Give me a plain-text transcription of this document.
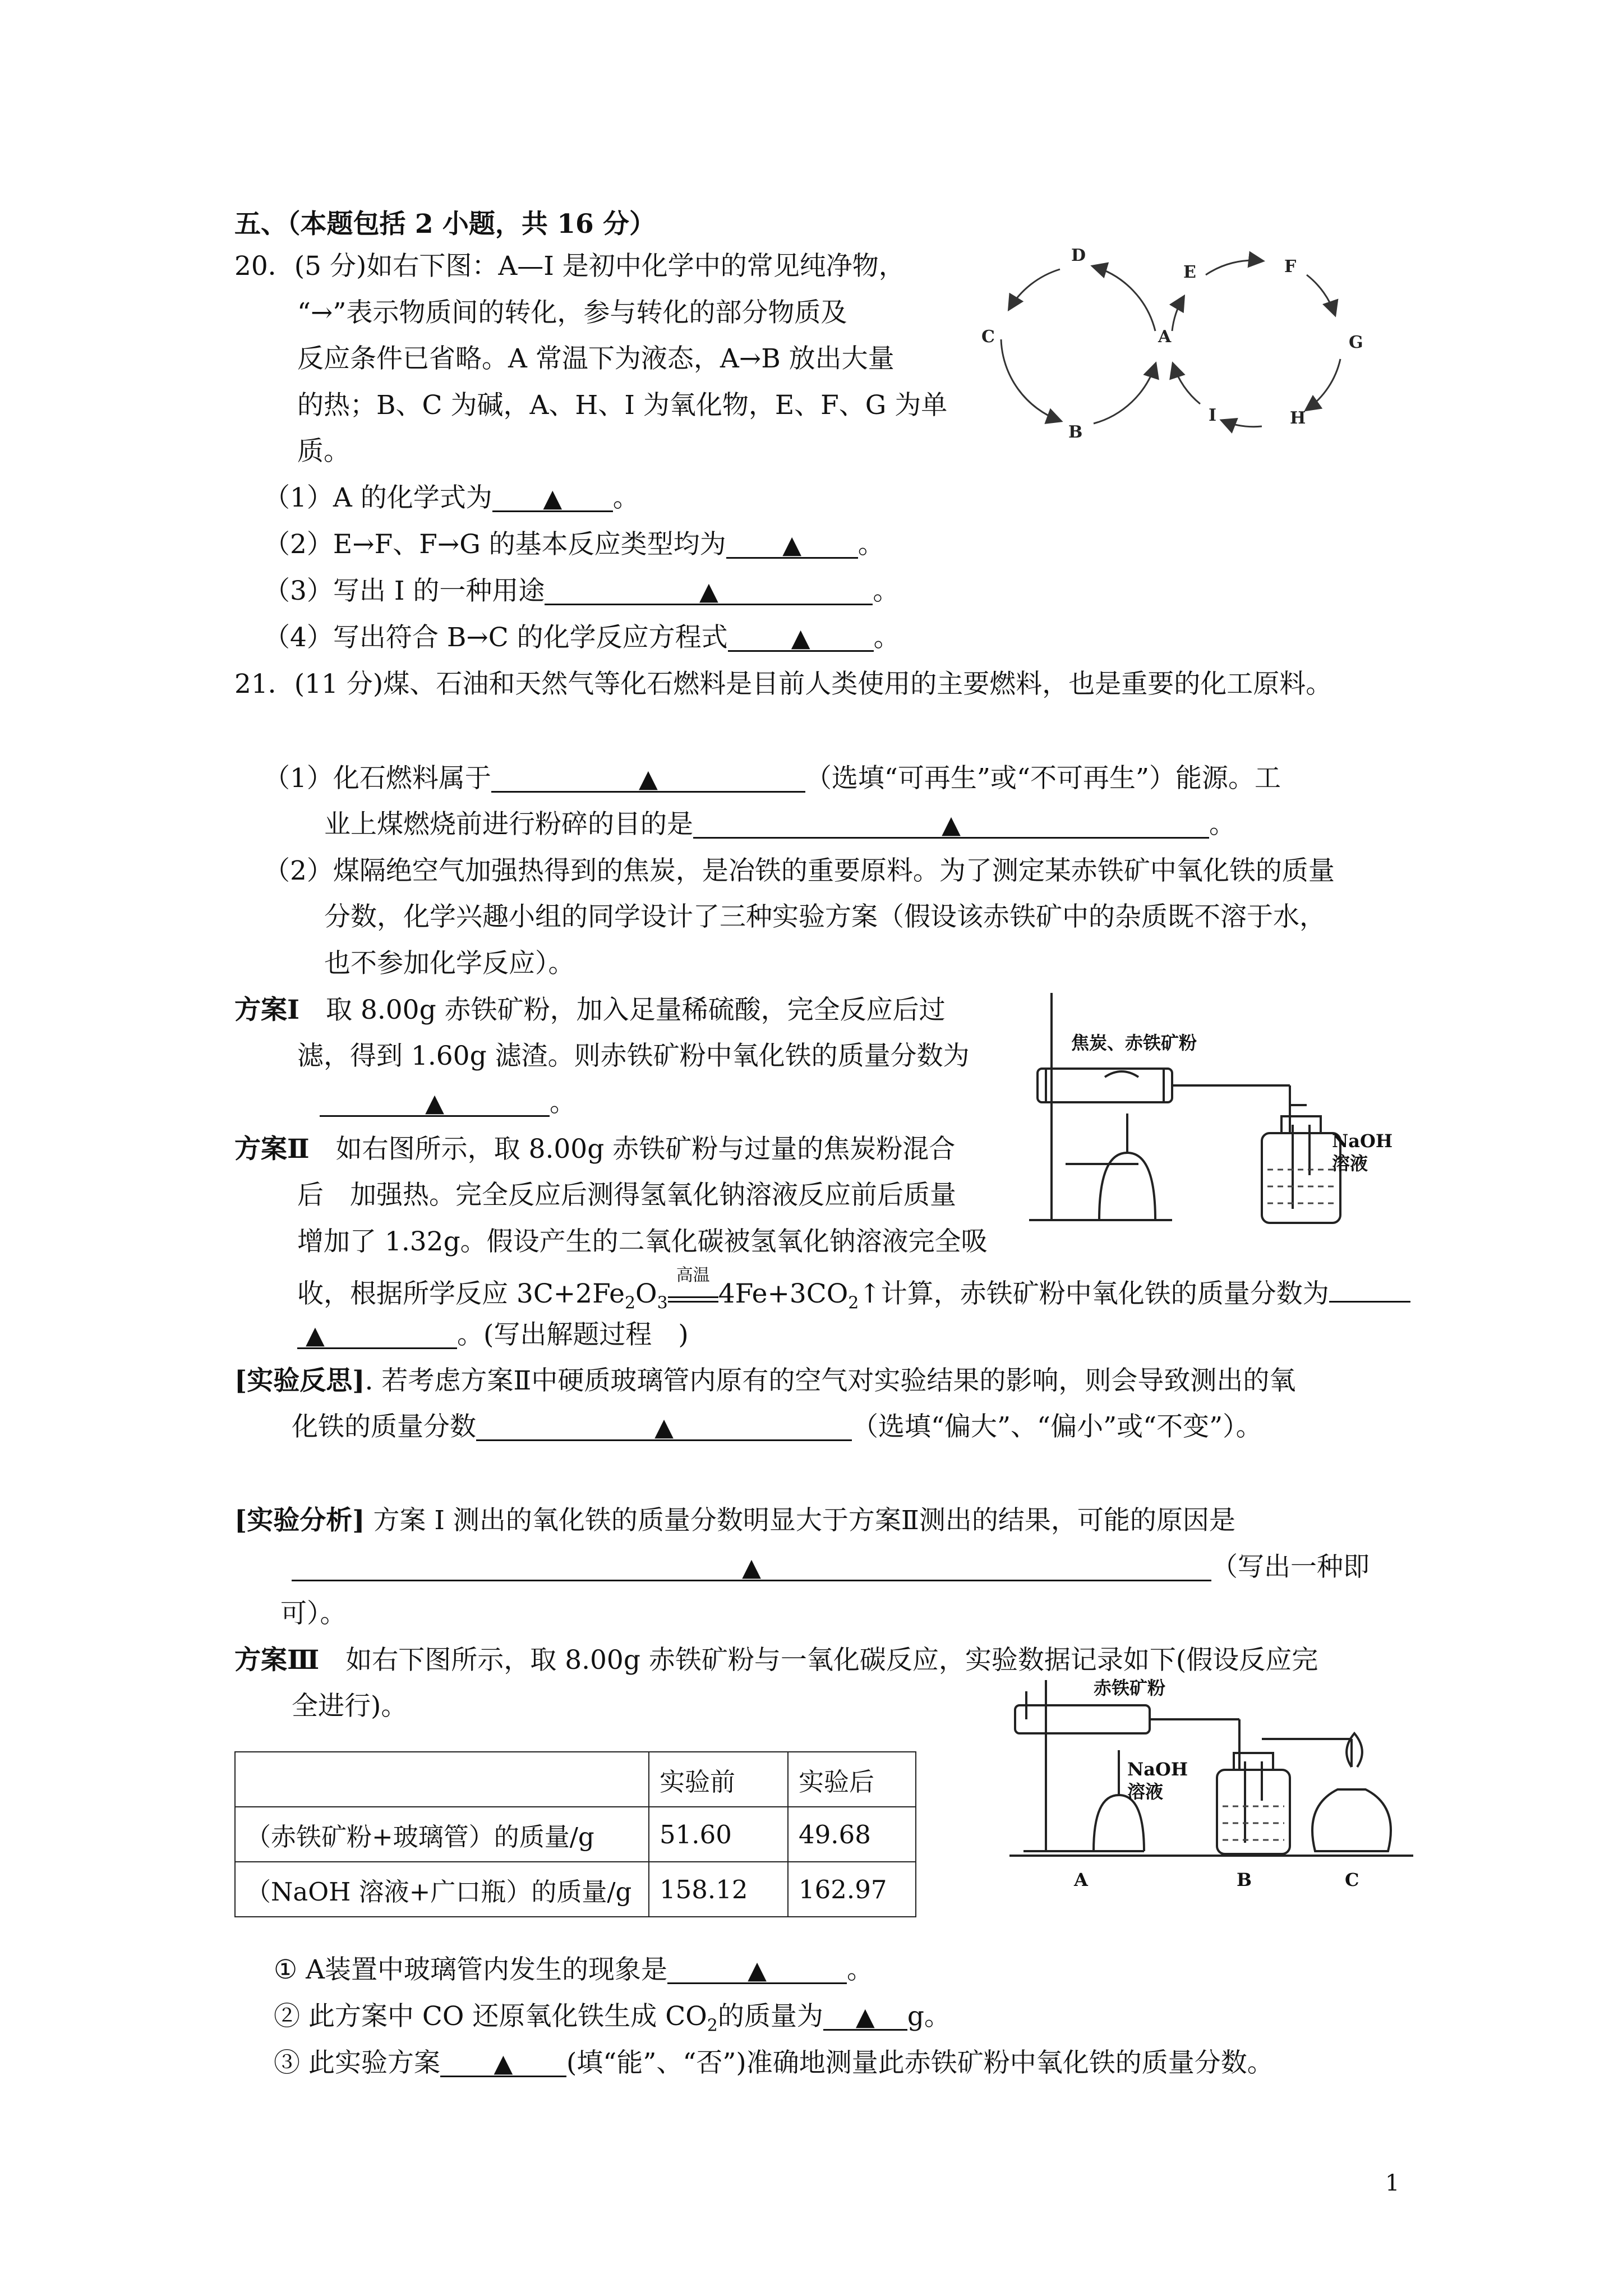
五、（本题包括 2 小题，共 16 分）
20．(5 分)如右下图：A—I 是初中化学中的常见纯净物，
“→”表示物质间的转化，参与转化的部分物质及
反应条件已省略。A 常温下为液态，A→B 放出大量
的热；B、C 为碱，A、H、I 为氧化物，E、F、G 为单
质。
D
E	F
C	A	G
B
I	H
（1）A 的化学式为 ▲ 。
（2）E→F、F→G 的基本反应类型均为 ▲ 。
（3）写出 I 的一种用途	▲	。
（4）写出符合 B→C 的化学反应方程式	▲ 。
21．(11 分)煤、石油和天然气等化石燃料是目前人类使用的主要燃料，也是重要的化工原料。
（1）化石燃料属于	▲	（选填“可再生”或“不可再生”）能源。工
业上煤燃烧前进行粉碎的目的是	▲	。
（2）煤隔绝空气加强热得到的焦炭，是冶铁的重要原料。为了测定某赤铁矿中氧化铁的质量
分数，化学兴趣小组的同学设计了三种实验方案（假设该赤铁矿中的杂质既不溶于水，
也不参加化学反应）。
方案Ⅰ　 取 8.00g 赤铁矿粉，加入足量稀硫酸，完全反应后过
滤，得到 1.60g 滤渣。则赤铁矿粉中氧化铁的质量分数为
▲	。
焦炭、赤铁矿粉
NaOH
溶液
方案Ⅱ　 如右图所示，取 8.00g 赤铁矿粉与过量的焦炭粉混合
后　加强热。完全反应后测得氢氧化钠溶液反应前后质量
增加了 1.32g。假设产生的二氧化碳被氢氧化钠溶液完全吸
收，根据所学反应 $3C+2Fe_2O_3$
高温
$4Fe+3CO_2↑$计算，赤铁矿粉中氧化铁的质量分数为
▲	。(写出解题过程　)
[实验反思]. 若考虑方案Ⅱ中硬质玻璃管内原有的空气对实验结果的影响，则会导致测出的氧
化铁的质量分数	▲	（选填“偏大”、“偏小”或“不变”）。
[实验分析] 方案 I 测出的氧化铁的质量分数明显大于方案Ⅱ测出的结果，可能的原因是
▲	（写出一种即
可）。
方案Ⅲ　 如右下图所示，取 8.00g 赤铁矿粉与一氧化碳反应，实验数据记录如下(假设反应完
全进行)。
	实验前	实验后
（赤铁矿粉+玻璃管）的质量/g	51.60	49.68
（NaOH 溶液+广口瓶）的质量/g	158.12	162.97
赤铁矿粉
NaOH
溶液
A	B	C
① A装置中玻璃管内发生的现象是	▲	。
② 此方案中 CO 还原氧化铁生成 $CO_2$的质量为 ▲ g。
③ 此实验方案 ▲ (填“能”、“否”)准确地测量此赤铁矿粉中氧化铁的质量分数。
1
